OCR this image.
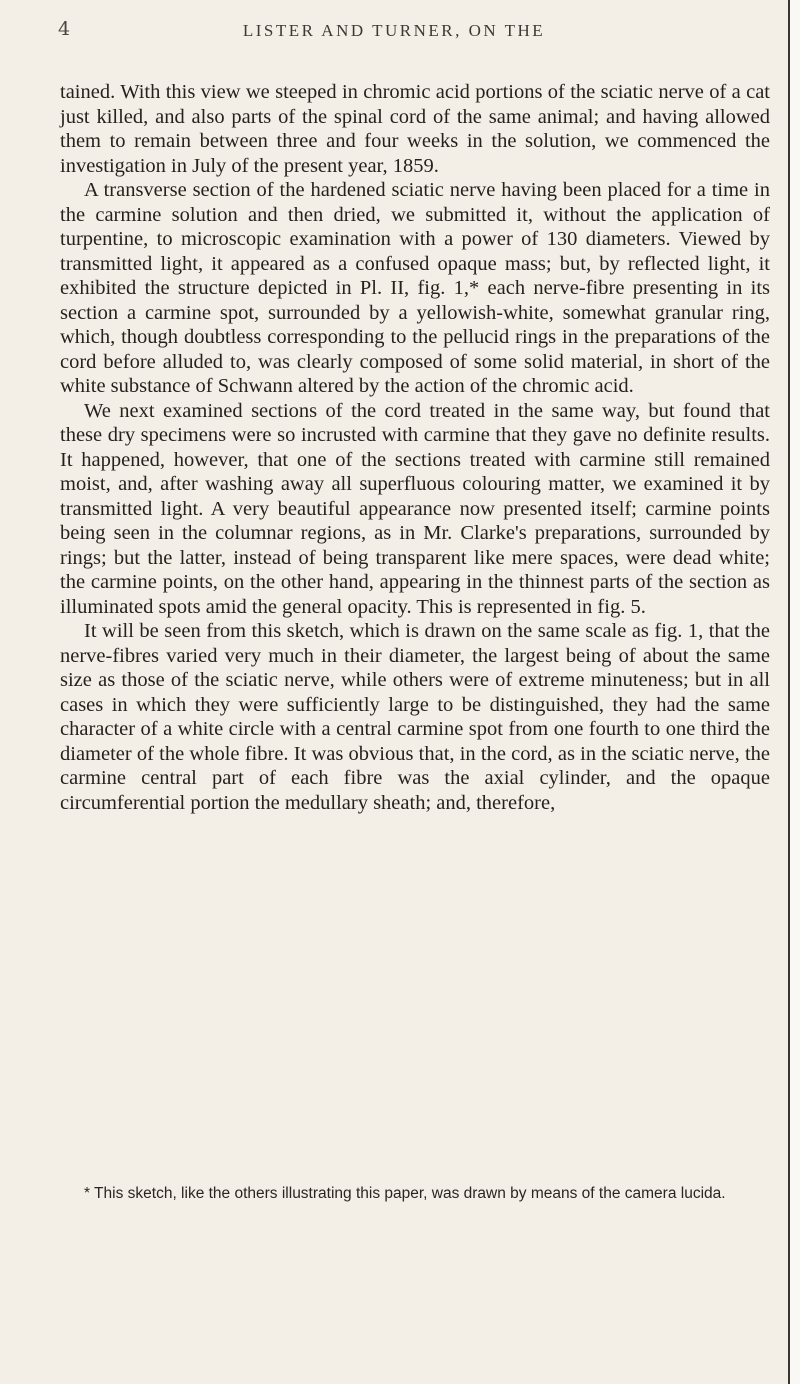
4	LISTER AND TURNER, ON THE

tained. With this view we steeped in chromic acid portions of the sciatic nerve of a cat just killed, and also parts of the spinal cord of the same animal; and having allowed them to remain between three and four weeks in the solution, we commenced the investigation in July of the present year, 1859.

A transverse section of the hardened sciatic nerve having been placed for a time in the carmine solution and then dried, we submitted it, without the application of turpentine, to microscopic examination with a power of 130 diameters. Viewed by transmitted light, it appeared as a confused opaque mass; but, by reflected light, it exhibited the structure depicted in Pl. II, fig. 1,* each nerve-fibre presenting in its section a carmine spot, surrounded by a yellowish-white, somewhat granular ring, which, though doubtless corresponding to the pellucid rings in the preparations of the cord before alluded to, was clearly composed of some solid material, in short of the white substance of Schwann altered by the action of the chromic acid.

We next examined sections of the cord treated in the same way, but found that these dry specimens were so incrusted with carmine that they gave no definite results. It happened, however, that one of the sections treated with carmine still remained moist, and, after washing away all superfluous colouring matter, we examined it by transmitted light. A very beautiful appearance now presented itself; carmine points being seen in the columnar regions, as in Mr. Clarke's preparations, surrounded by rings; but the latter, instead of being transparent like mere spaces, were dead white; the carmine points, on the other hand, appearing in the thinnest parts of the section as illuminated spots amid the general opacity. This is represented in fig. 5.

It will be seen from this sketch, which is drawn on the same scale as fig. 1, that the nerve-fibres varied very much in their diameter, the largest being of about the same size as those of the sciatic nerve, while others were of extreme minuteness; but in all cases in which they were sufficiently large to be distinguished, they had the same character of a white circle with a central carmine spot from one fourth to one third the diameter of the whole fibre. It was obvious that, in the cord, as in the sciatic nerve, the carmine central part of each fibre was the axial cylinder, and the opaque circumferential portion the medullary sheath; and, therefore,

* This sketch, like the others illustrating this paper, was drawn by means of the camera lucida.
